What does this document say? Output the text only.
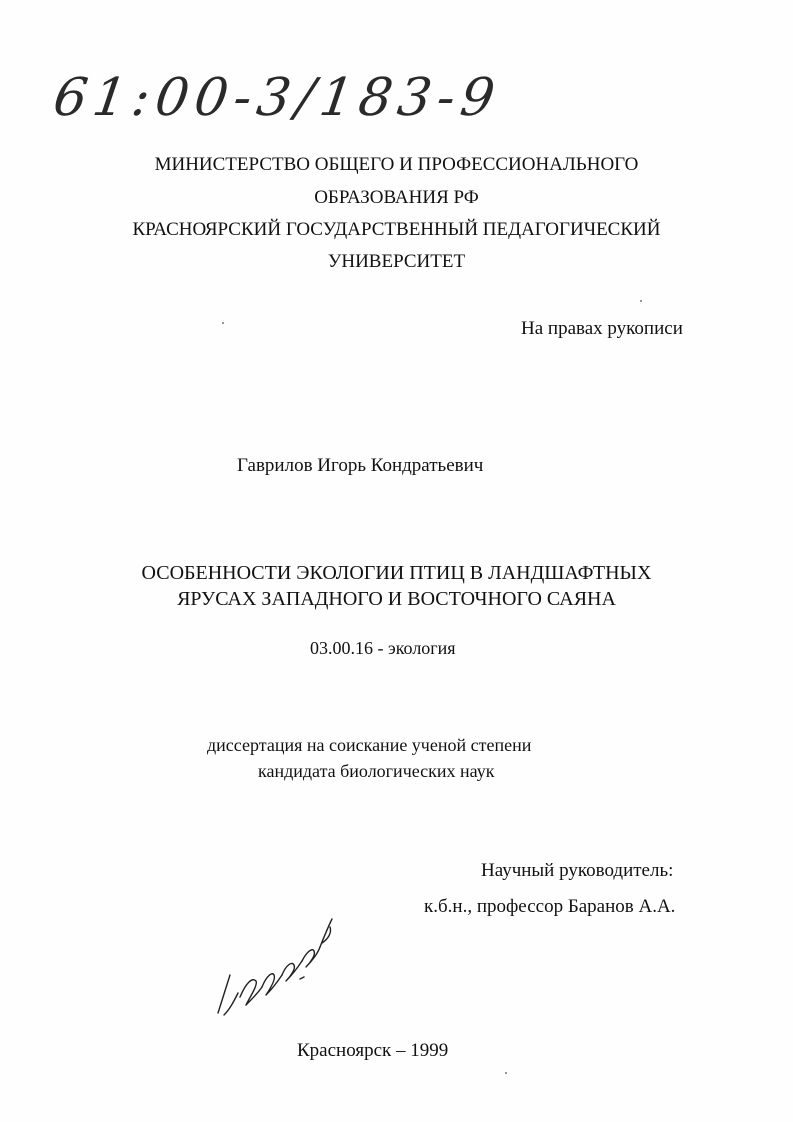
61:00-3/183-9
МИНИСТЕРСТВО ОБЩЕГО И ПРОФЕССИОНАЛЬНОГО
ОБРАЗОВАНИЯ РФ
КРАСНОЯРСКИЙ ГОСУДАРСТВЕННЫЙ ПЕДАГОГИЧЕСКИЙ
УНИВЕРСИТЕТ
На правах рукописи
Гаврилов Игорь Кондратьевич
ОСОБЕННОСТИ ЭКОЛОГИИ ПТИЦ В ЛАНДШАФТНЫХ
ЯРУСАХ ЗАПАДНОГО И ВОСТОЧНОГО САЯНА
03.00.16 - экология
диссертация на соискание ученой степени
кандидата биологических наук
Научный руководитель:
к.б.н., профессор Баранов А.А.
Красноярск – 1999
